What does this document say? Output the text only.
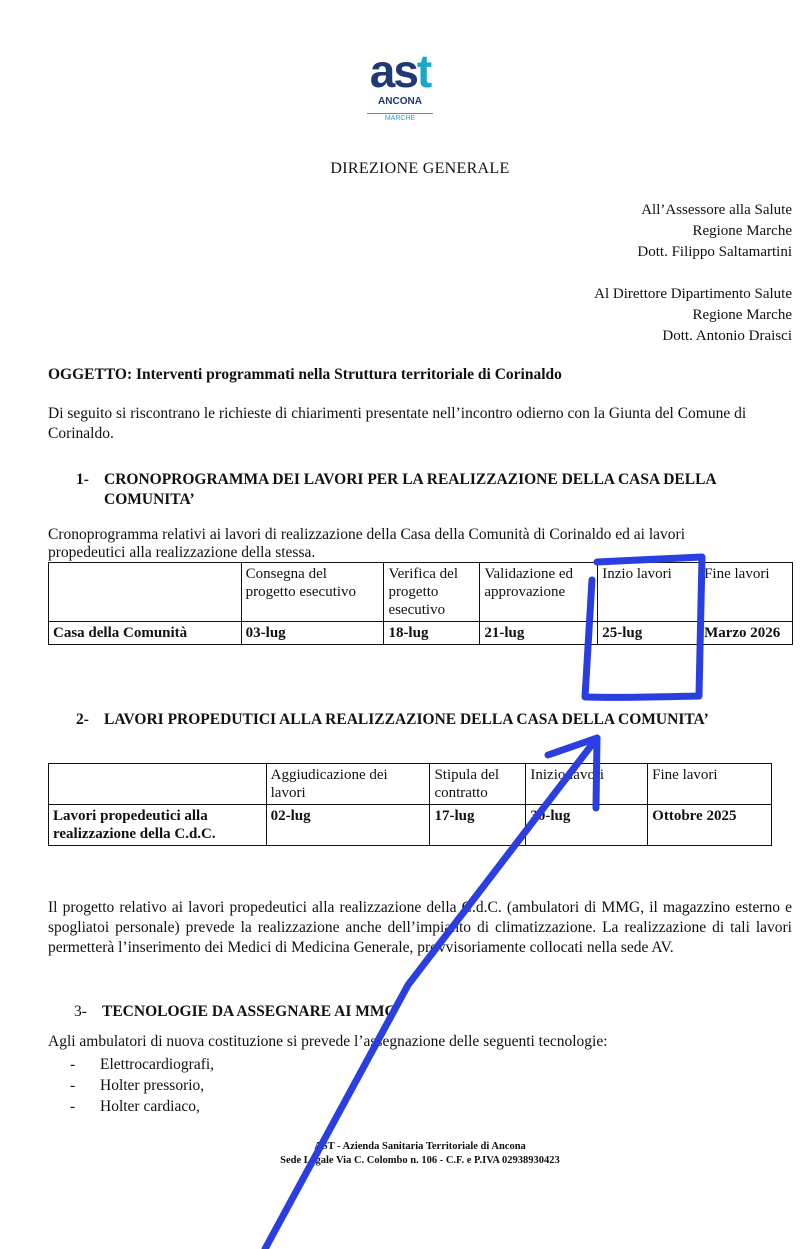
ast
ANCONA
MARCHE
DIREZIONE GENERALE
All’Assessore alla Salute
Regione Marche
Dott. Filippo Saltamartini
Al Direttore Dipartimento Salute
Regione Marche
Dott. Antonio Draisci
OGGETTO: Interventi programmati nella Struttura territoriale di Corinaldo
Di seguito si riscontrano le richieste di chiarimenti presentate nell’incontro odierno con la Giunta del Comune di Corinaldo.
1- CRONOPROGRAMMA DEI LAVORI PER LA REALIZZAZIONE DELLA CASA DELLA COMUNITA’
Cronoprogramma relativi ai lavori di realizzazione della Casa della Comunità di Corinaldo ed ai lavori propedeutici alla realizzazione della stessa.
	Consegna del progetto esecutivo	Verifica del progetto esecutivo	Validazione ed approvazione	Inzio lavori	Fine lavori
Casa della Comunità	03-lug	18-lug	21-lug	25-lug	Marzo 2026
2- LAVORI PROPEDUTICI ALLA REALIZZAZIONE DELLA CASA DELLA COMUNITA’
	Aggiudicazione dei lavori	Stipula del contratto	Inizio lavori	Fine lavori
Lavori propedeutici alla realizzazione della C.d.C.	02-lug	17-lug	30-lug	Ottobre 2025
Il progetto relativo ai lavori propedeutici alla realizzazione della C.d.C. (ambulatori di MMG, il magazzino esterno e spogliatoi personale) prevede la realizzazione anche dell’impianto di climatizzazione. La realizzazione di tali lavori permetterà l’inserimento dei Medici di Medicina Generale, provvisoriamente collocati nella sede AV.
3- TECNOLOGIE DA ASSEGNARE AI MMG
Agli ambulatori di nuova costituzione si prevede l’assegnazione delle seguenti tecnologie:
- Elettrocardiografi,
- Holter pressorio,
- Holter cardiaco,
AST - Azienda Sanitaria Territoriale di Ancona
Sede Legale Via C. Colombo n. 106 - C.F. e P.IVA 02938930423
